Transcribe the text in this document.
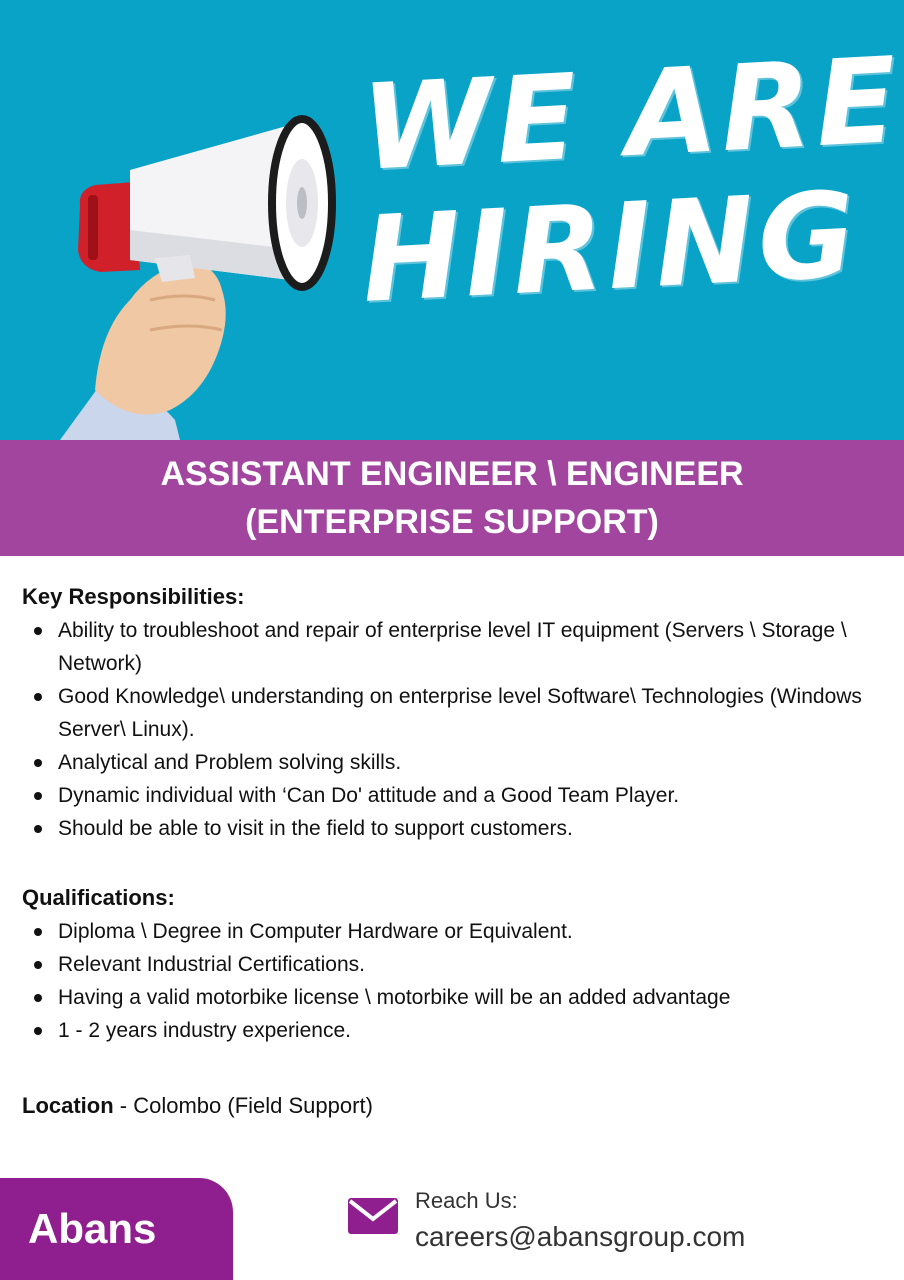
WE ARE
HIRING
ASSISTANT ENGINEER \ ENGINEER
(ENTERPRISE SUPPORT)

Key Responsibilities:

Ability to troubleshoot and repair of enterprise level IT equipment (Servers \ Storage \ Network)
Good Knowledge\ understanding on enterprise level Software\ Technologies (Windows Server\ Linux).
Analytical and Problem solving skills.
Dynamic individual with ‘Can Do' attitude and a Good Team Player.
Should be able to visit in the field to support customers.

Qualifications:

Diploma \ Degree in Computer Hardware or Equivalent.
Relevant Industrial Certifications.
Having a valid motorbike license \ motorbike will be an added advantage
1 - 2 years industry experience.
Location - Colombo (Field Support)
Abans
Reach Us:
careers@abansgroup.com
